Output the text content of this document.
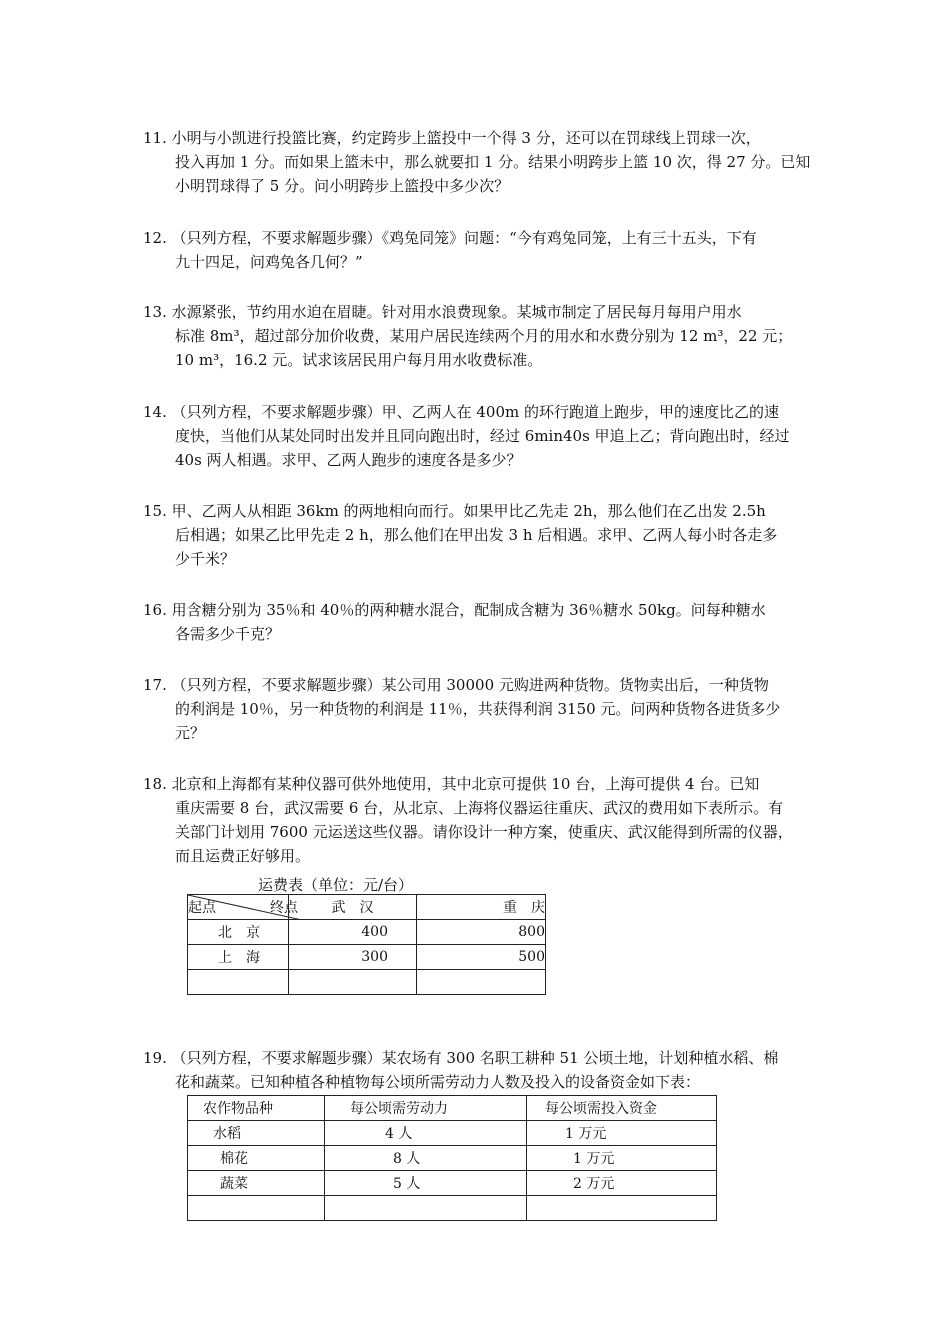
11. 小明与小凯进行投篮比赛，约定跨步上篮投中一个得 3 分，还可以在罚球线上罚球一次，
投入再加 1 分。而如果上篮未中，那么就要扣 1 分。结果小明跨步上篮 10 次，得 27 分。已知
小明罚球得了 5 分。问小明跨步上篮投中多少次？
12. （只列方程，不要求解题步骤）《鸡兔同笼》问题：“今有鸡兔同笼，上有三十五头，下有
九十四足，问鸡兔各几何？”
13. 水源紧张，节约用水迫在眉睫。针对用水浪费现象。某城市制定了居民每月每用户用水
标准 8m³，超过部分加价收费，某用户居民连续两个月的用水和水费分别为 12 m³，22 元；
10 m³，16.2 元。试求该居民用户每月用水收费标准。
14. （只列方程，不要求解题步骤）甲、乙两人在 400m 的环行跑道上跑步，甲的速度比乙的速
度快，当他们从某处同时出发并且同向跑出时，经过 6min40s 甲追上乙；背向跑出时，经过
40s 两人相遇。求甲、乙两人跑步的速度各是多少？
15. 甲、乙两人从相距 36km 的两地相向而行。如果甲比乙先走 2h，那么他们在乙出发 2.5h
后相遇；如果乙比甲先走 2 h，那么他们在甲出发 3 h 后相遇。求甲、乙两人每小时各走多
少千米？
16. 用含糖分别为 35％和 40％的两种糖水混合，配制成含糖为 36％糖水 50kg。问每种糖水
各需多少千克？
17. （只列方程，不要求解题步骤）某公司用 30000 元购进两种货物。货物卖出后，一种货物
的利润是 10％，另一种货物的利润是 11％，共获得利润 3150 元。问两种货物各进货多少
元？
18. 北京和上海都有某种仪器可供外地使用，其中北京可提供 10 台，上海可提供 4 台。已知
重庆需要 8 台，武汉需要 6 台，从北京、上海将仪器运往重庆、武汉的费用如下表所示。有
关部门计划用 7600 元运送这些仪器。请你设计一种方案，使重庆、武汉能得到所需的仪器，
而且运费正好够用。
运费表（单位：元/台）
起点 终点	武　汉	重　庆
北　京	400	800
上　海	300	500

19. （只列方程，不要求解题步骤）某农场有 300 名职工耕种 51 公顷土地，计划种植水稻、棉
花和蔬菜。已知种植各种植物每公顷所需劳动力人数及投入的设备资金如下表：
农作物品种	每公顷需劳动力	每公顷需投入资金
水稻	4 人	1 万元
棉花	8 人	1 万元
蔬菜	5 人	2 万元
